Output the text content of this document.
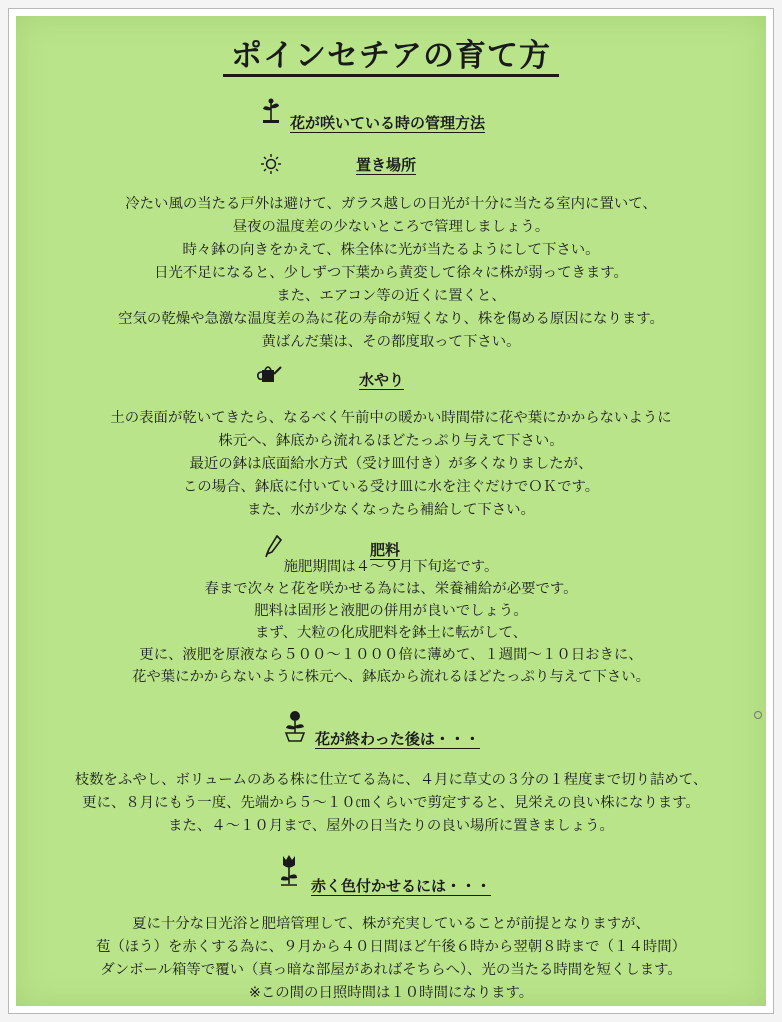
ポインセチアの育て方
花が咲いている時の管理方法
置き場所
冷たい風の当たる戸外は避けて、ガラス越しの日光が十分に当たる室内に置いて、
昼夜の温度差の少ないところで管理しましょう。
時々鉢の向きをかえて、株全体に光が当たるようにして下さい。
日光不足になると、少しずつ下葉から黄変して徐々に株が弱ってきます。
また、エアコン等の近くに置くと、
空気の乾燥や急激な温度差の為に花の寿命が短くなり、株を傷める原因になります。
黄ばんだ葉は、その都度取って下さい。
水やり
土の表面が乾いてきたら、なるべく午前中の暖かい時間帯に花や葉にかからないように
株元へ、鉢底から流れるほどたっぷり与えて下さい。
最近の鉢は底面給水方式（受け皿付き）が多くなりましたが、
この場合、鉢底に付いている受け皿に水を注ぐだけでＯＫです。
また、水が少なくなったら補給して下さい。
肥料
施肥期間は４～９月下旬迄です。
春まで次々と花を咲かせる為には、栄養補給が必要です。
肥料は固形と液肥の併用が良いでしょう。
まず、大粒の化成肥料を鉢土に転がして、
更に、液肥を原液なら５００～１０００倍に薄めて、１週間～１０日おきに、
花や葉にかからないように株元へ、鉢底から流れるほどたっぷり与えて下さい。
花が終わった後は・・・
枝数をふやし、ボリュームのある株に仕立てる為に、４月に草丈の３分の１程度まで切り詰めて、
更に、８月にもう一度、先端から５～１０㎝くらいで剪定すると、見栄えの良い株になります。
また、４～１０月まで、屋外の日当たりの良い場所に置きましょう。
赤く色付かせるには・・・
夏に十分な日光浴と肥培管理して、株が充実していることが前提となりますが、
苞（ほう）を赤くする為に、９月から４０日間ほど午後６時から翌朝８時まで（１４時間）
ダンボール箱等で覆い（真っ暗な部屋があればそちらへ）、光の当たる時間を短くします。
※この間の日照時間は１０時間になります。
